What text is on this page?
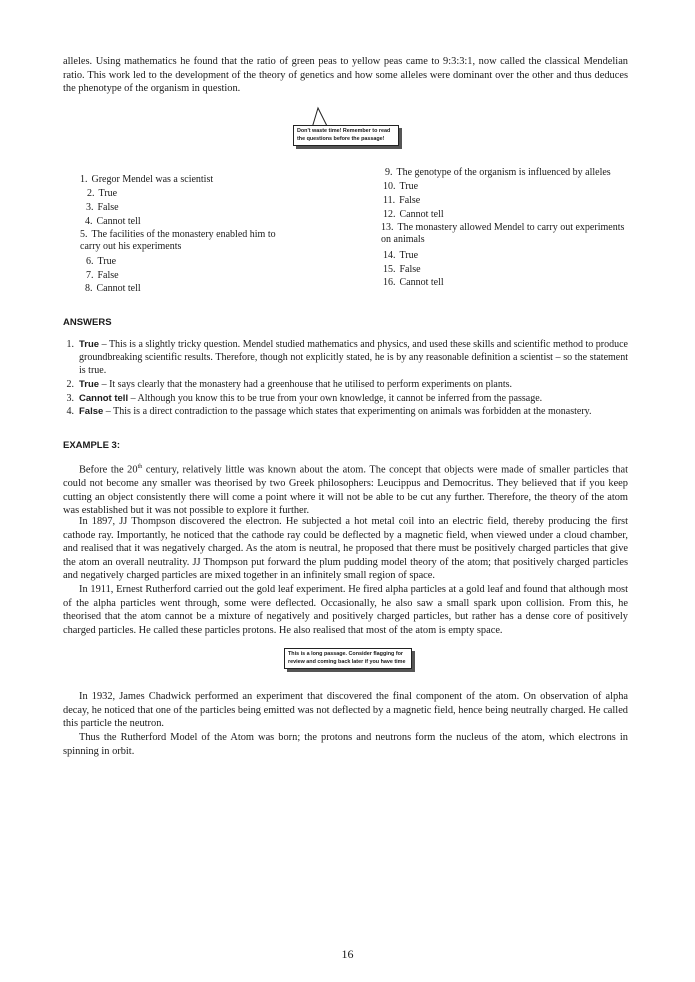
alleles. Using mathematics he found that the ratio of green peas to yellow peas came to 9:3:3:1, now called the classical Mendelian ratio. This work led to the development of the theory of genetics and how some alleles were dominant over the other and thus deduces the phenotype of the organism in question.

Don't waste time! Remember to read the questions before the passage!
1. Gregor Mendel was a scientist
2. True
3. False
4. Cannot tell
5. The facilities of the monastery enabled him to carry out his experiments
6. True
7. False
8. Cannot tell
9. The genotype of the organism is influenced by alleles
10. True
11. False
12. Cannot tell
13. The monastery allowed Mendel to carry out experiments on animals
14. True
15. False
16. Cannot tell
ANSWERS
1. True – This is a slightly tricky question. Mendel studied mathematics and physics, and used these skills and scientific method to produce groundbreaking scientific results. Therefore, though not explicitly stated, he is by any reasonable definition a scientist – so the statement is true.
2. True – It says clearly that the monastery had a greenhouse that he utilised to perform experiments on plants.
3. Cannot tell – Although you know this to be true from your own knowledge, it cannot be inferred from the passage.
4. False – This is a direct contradiction to the passage which states that experimenting on animals was forbidden at the monastery.
EXAMPLE 3:

Before the 20th century, relatively little was known about the atom. The concept that objects were made of smaller particles that could not become any smaller was theorised by two Greek philosophers: Leucippus and Democritus. They believed that if you keep cutting an object consistently there will come a point where it will not be able to be cut any further. Therefore, the theory of the atom was established but it was not possible to explore it further.

In 1897, JJ Thompson discovered the electron. He subjected a hot metal coil into an electric field, thereby producing the first cathode ray. Importantly, he noticed that the cathode ray could be deflected by a magnetic field, when viewed under a cloud chamber, and realised that it was negatively charged. As the atom is neutral, he proposed that there must be positively charged particles that give the atom an overall neutrality. JJ Thompson put forward the plum pudding model theory of the atom; that positively charged particles and negatively charged particles are mixed together in an infinitely small region of space.

In 1911, Ernest Rutherford carried out the gold leaf experiment. He fired alpha particles at a gold leaf and found that although most of the alpha particles went through, some were deflected. Occasionally, he also saw a small spark upon collision. From this, he theorised that the atom cannot be a mixture of negatively and positively charged particles, but rather has a dense core of positively charged particles. He called these particles protons. He also realised that most of the atom is empty space.

This is a long passage. Consider flagging for review and coming back later if you have time

In 1932, James Chadwick performed an experiment that discovered the final component of the atom. On observation of alpha decay, he noticed that one of the particles being emitted was not deflected by a magnetic field, hence being neutrally charged. He called this particle the neutron.

Thus the Rutherford Model of the Atom was born; the protons and neutrons form the nucleus of the atom, which electrons in spinning in orbit.

16
